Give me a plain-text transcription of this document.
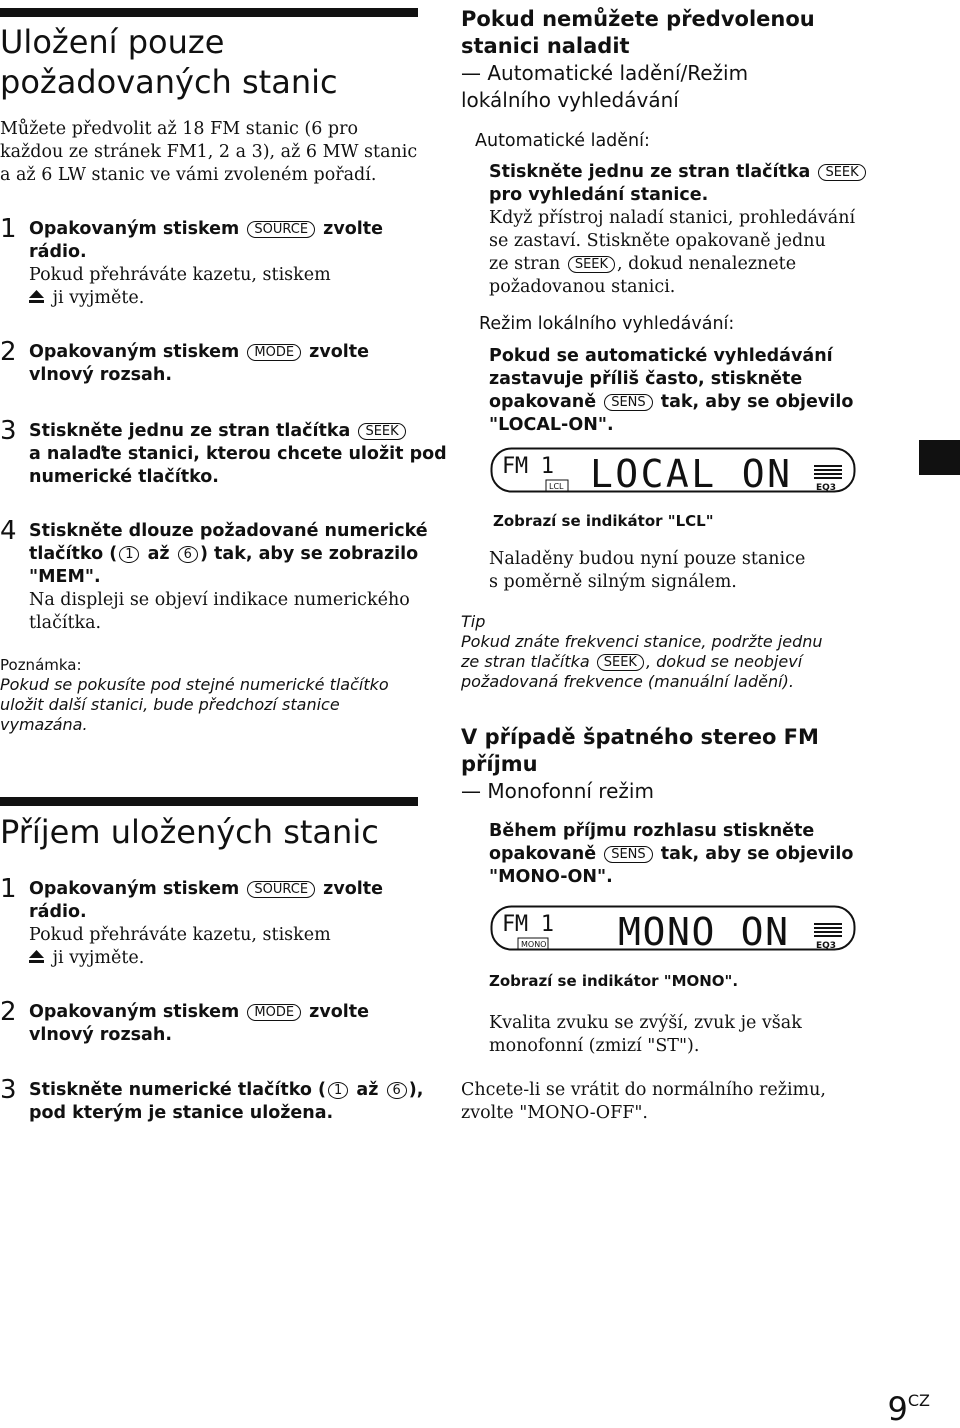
Uložení pouze
požadovaných stanic
Můžete předvolit až 18 FM stanic (6 pro
každou ze stránek FM1, 2 a 3), až 6 MW stanic
a až 6 LW stanic ve vámi zvoleném pořadí.
1 Opakovaným stiskem SOURCE zvolte
rádio.
Pokud přehráváte kazetu, stiskem
ji vyjměte.
2 Opakovaným stiskem MODE zvolte
vlnový rozsah.
3 Stiskněte jednu ze stran tlačítka SEEK
a nalaďte stanici, kterou chcete uložit pod
numerické tlačítko.
4 Stiskněte dlouze požadované numerické
tlačítko ( 1 až 6 ) tak, aby se zobrazilo
"MEM".
Na displeji se objeví indikace numerického
tlačítka.
Poznámka:
Pokud se pokusíte pod stejné numerické tlačítko
uložit další stanici, bude předchozí stanice
vymazána.
Příjem uložených stanic
1 Opakovaným stiskem SOURCE zvolte
rádio.
Pokud přehráváte kazetu, stiskem
ji vyjměte.
2 Opakovaným stiskem MODE zvolte
vlnový rozsah.
3 Stiskněte numerické tlačítko ( 1 až 6 ),
pod kterým je stanice uložena.
Pokud nemůžete předvolenou
stanici naladit
— Automatické ladění/Režim
lokálního vyhledávání
Automatické ladění:
Stiskněte jednu ze stran tlačítka SEEK
pro vyhledání stanice.
Když přístroj naladí stanici, prohledávání
se zastaví. Stiskněte opakovaně jednu
ze stran SEEK , dokud nenaleznete
požadovanou stanici.
Režim lokálního vyhledávání:
Pokud se automatické vyhledávání
zastavuje příliš často, stiskněte
opakovaně SENS tak, aby se objevilo
"LOCAL-ON".
FM 1 LOCAL ON
LCL	EQ3
Zobrazí se indikátor "LCL"
Naladěny budou nyní pouze stanice
s poměrně silným signálem.
Tip
Pokud znáte frekvenci stanice, podržte jednu
ze stran tlačítka SEEK , dokud se neobjeví
požadovaná frekvence (manuální ladění).
V případě špatného stereo FM
příjmu
— Monofonní režim
Během příjmu rozhlasu stiskněte
opakovaně SENS tak, aby se objevilo
"MONO-ON".
FM 1 MONO ON
MONO	EQ3
Zobrazí se indikátor "MONO".
Kvalita zvuku se zvýší, zvuk je však
monofonní (zmizí "ST").
Chcete-li se vrátit do normálního režimu,
zvolte "MONO-OFF".
$9^{CZ}$
